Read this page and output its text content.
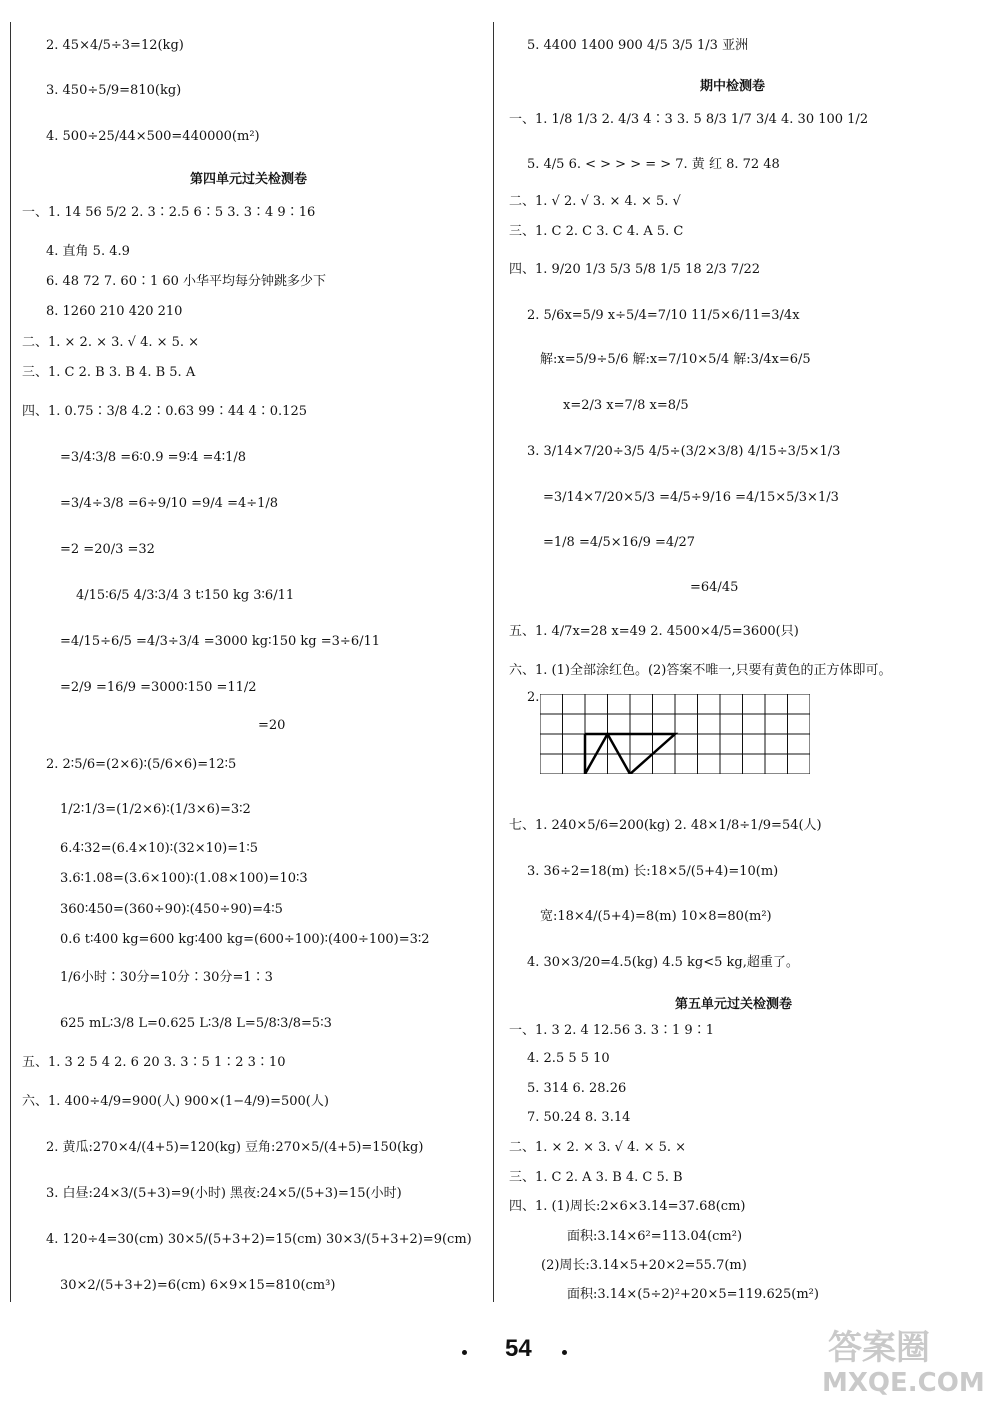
2. 45×4/5÷3=12(kg)
3. 450÷5/9=810(kg)
4. 500÷25/44×500=440000(m²)
第四单元过关检测卷
一、1. 14 56 5/2 2. 3∶2.5 6∶5 3. 3∶4 9∶16
4. 直角 5. 4.9
6. 48 72 7. 60∶1 60 小华平均每分钟跳多少下
8. 1260 210 420 210
二、1. × 2. × 3. √ 4. × 5. ×
三、1. C 2. B 3. B 4. B 5. A
四、1. 0.75∶3/8 4.2∶0.63 99∶44 4∶0.125
=3/4∶3/8 =6∶0.9 =9∶4 =4∶1/8
=3/4÷3/8 =6÷9/10 =9/4 =4÷1/8
=2 =20/3 =32
4/15∶6/5 4/3∶3/4 3 t∶150 kg 3∶6/11
=4/15÷6/5 =4/3÷3/4 =3000 kg∶150 kg =3÷6/11
=2/9 =16/9 =3000∶150 =11/2
=20
2. 2∶5/6=(2×6)∶(5/6×6)=12∶5
1/2∶1/3=(1/2×6)∶(1/3×6)=3∶2
6.4∶32=(6.4×10)∶(32×10)=1∶5
3.6∶1.08=(3.6×100)∶(1.08×100)=10∶3
360∶450=(360÷90)∶(450÷90)=4∶5
0.6 t∶400 kg=600 kg∶400 kg=(600÷100)∶(400÷100)=3∶2
1/6小时∶30分=10分∶30分=1∶3
625 mL∶3/8 L=0.625 L∶3/8 L=5/8∶3/8=5∶3
五、1. 3 2 5 4 2. 6 20 3. 3∶5 1∶2 3∶10
六、1. 400÷4/9=900(人) 900×(1−4/9)=500(人)
2. 黄瓜:270×4/(4+5)=120(kg) 豆角:270×5/(4+5)=150(kg)
3. 白昼:24×3/(5+3)=9(小时) 黑夜:24×5/(5+3)=15(小时)
4. 120÷4=30(cm) 30×5/(5+3+2)=15(cm) 30×3/(5+3+2)=9(cm)
30×2/(5+3+2)=6(cm) 6×9×15=810(cm³)
5. 4400 1400 900 4/5 3/5 1/3 亚洲
期中检测卷
一、1. 1/8 1/3 2. 4/3 4∶3 3. 5 8/3 1/7 3/4 4. 30 100 1/2
5. 4/5 6. < > > > = > 7. 黄 红 8. 72 48
二、1. √ 2. √ 3. × 4. × 5. √
三、1. C 2. C 3. C 4. A 5. C
四、1. 9/20 1/3 5/3 5/8 1/5 18 2/3 7/22
2. 5/6x=5/9 x÷5/4=7/10 11/5×6/11=3/4x
解:x=5/9÷5/6 解:x=7/10×5/4 解:3/4x=6/5
x=2/3 x=7/8 x=8/5
3. 3/14×7/20÷3/5 4/5÷(3/2×3/8) 4/15÷3/5×1/3
=3/14×7/20×5/3 =4/5÷9/16 =4/15×5/3×1/3
=1/8 =4/5×16/9 =4/27
=64/45
五、1. 4/7x=28 x=49 2. 4500×4/5=3600(只)
六、1. (1)全部涂红色。(2)答案不唯一,只要有黄色的正方体即可。
2.
七、1. 240×5/6=200(kg) 2. 48×1/8÷1/9=54(人)
3. 36÷2=18(m) 长:18×5/(5+4)=10(m)
宽:18×4/(5+4)=8(m) 10×8=80(m²)
4. 30×3/20=4.5(kg) 4.5 kg<5 kg,超重了。
第五单元过关检测卷
一、1. 3 2. 4 12.56 3. 3∶1 9∶1
4. 2.5 5 5 10
5. 314 6. 28.26
7. 50.24 8. 3.14
二、1. × 2. × 3. √ 4. × 5. ×
三、1. C 2. A 3. B 4. C 5. B
四、1. (1)周长:2×6×3.14=37.68(cm)
面积:3.14×6²=113.04(cm²)
(2)周长:3.14×5+20×2=55.7(m)
面积:3.14×(5÷2)²+20×5=119.625(m²)
54	答案圈
MXQE.COM
